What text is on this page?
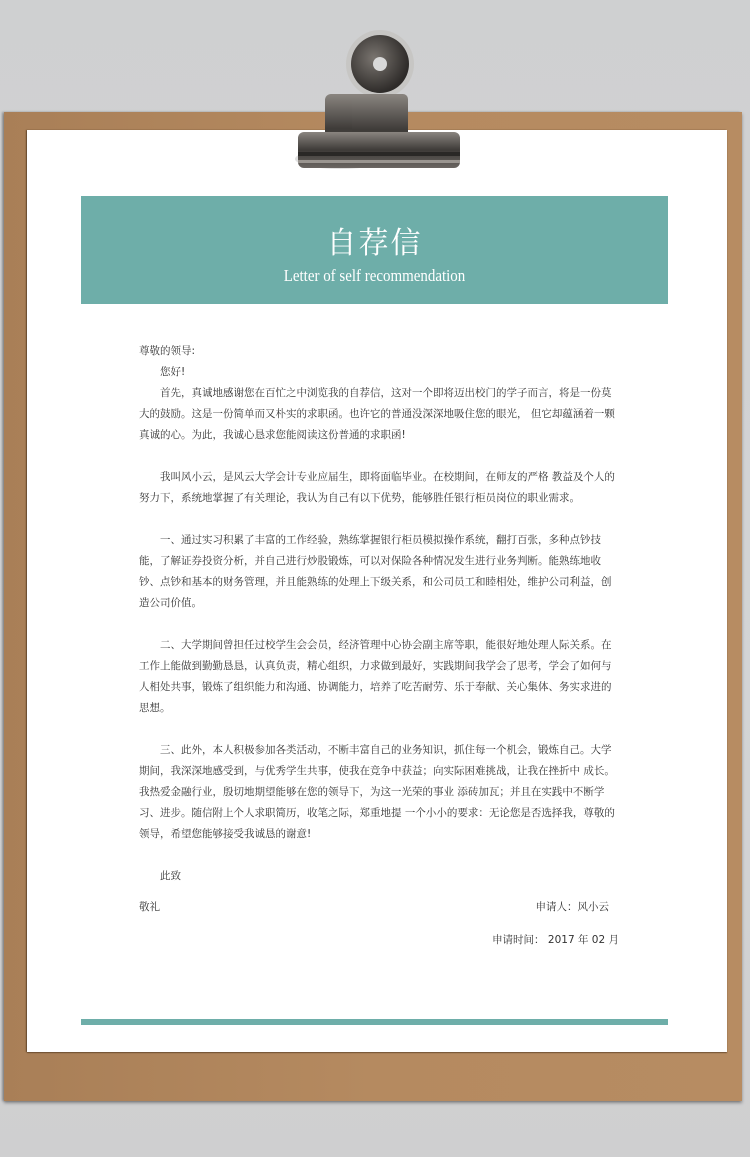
自荐信
Letter of self recommendation

尊敬的领导:

您好!

首先，真诚地感谢您在百忙之中浏览我的自荐信，这对一个即将迈出校门的学子而言，将是一份莫大的鼓励。这是一份简单而又朴实的求职函。也许它的普通没深深地吸住您的眼光， 但它却蕴涵着一颗真诚的心。为此，我诚心恳求您能阅读这份普通的求职函!

我叫风小云，是风云大学会计专业应届生，即将面临毕业。在校期间，在师友的严格 教益及个人的努力下，系统地掌握了有关理论，我认为自己有以下优势，能够胜任银行柜员岗位的职业需求。

一、通过实习积累了丰富的工作经验，熟练掌握银行柜员模拟操作系统，翻打百张，多种点钞技能，了解证券投资分析，并自己进行炒股锻炼，可以对保险各种情况发生进行业务判断。能熟练地收钞、点钞和基本的财务管理，并且能熟练的处理上下级关系，和公司员工和睦相处，维护公司利益，创造公司价值。

二、大学期间曾担任过校学生会会员，经济管理中心协会副主席等职，能很好地处理人际关系。在工作上能做到勤勤恳恳，认真负责，精心组织，力求做到最好，实践期间我学会了思考，学会了如何与人相处共事，锻炼了组织能力和沟通、协调能力，培养了吃苦耐劳、乐于奉献、关心集体、务实求进的思想。

三、此外，本人积极参加各类活动，不断丰富自己的业务知识，抓住每一个机会，锻炼自己。大学期间，我深深地感受到，与优秀学生共事，使我在竞争中获益；向实际困难挑战，让我在挫折中 成长。我热爱金融行业，殷切地期望能够在您的领导下，为这一光荣的事业 添砖加瓦；并且在实践中不断学习、进步。随信附上个人求职简历，收笔之际，郑重地提 一个小小的要求：无论您是否选择我，尊敬的领导，希望您能够接受我诚恳的谢意!

此致

敬礼	申请人：风小云

申请时间： 2017 年 02 月
